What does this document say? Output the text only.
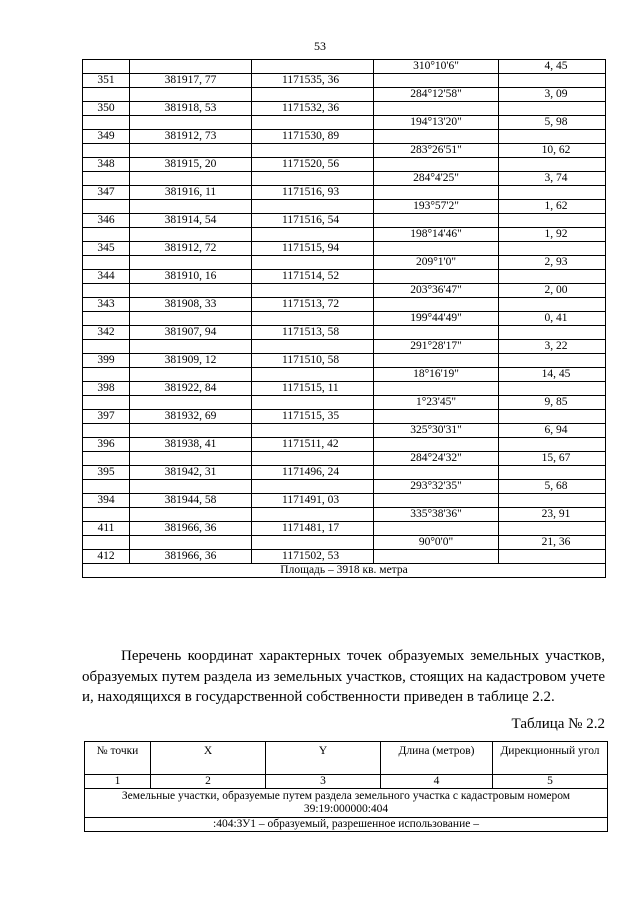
53
			310°10'6"	4, 45
351	381917, 77	1171535, 36		
			284°12'58"	3, 09
350	381918, 53	1171532, 36		
			194°13'20"	5, 98
349	381912, 73	1171530, 89		
			283°26'51"	10, 62
348	381915, 20	1171520, 56		
			284°4'25"	3, 74
347	381916, 11	1171516, 93		
			193°57'2"	1, 62
346	381914, 54	1171516, 54		
			198°14'46"	1, 92
345	381912, 72	1171515, 94		
			209°1'0"	2, 93
344	381910, 16	1171514, 52		
			203°36'47"	2, 00
343	381908, 33	1171513, 72		
			199°44'49"	0, 41
342	381907, 94	1171513, 58		
			291°28'17"	3, 22
399	381909, 12	1171510, 58		
			18°16'19"	14, 45
398	381922, 84	1171515, 11		
			1°23'45"	9, 85
397	381932, 69	1171515, 35		
			325°30'31"	6, 94
396	381938, 41	1171511, 42		
			284°24'32"	15, 67
395	381942, 31	1171496, 24		
			293°32'35"	5, 68
394	381944, 58	1171491, 03		
			335°38'36"	23, 91
411	381966, 36	1171481, 17		
			90°0'0"	21, 36
412	381966, 36	1171502, 53		
Площадь – 3918 кв. метра				

Перечень координат характерных точек образуемых земельных участков, образуемых путем раздела из земельных участков, стоящих на кадастровом учете и, находящихся в государственной собственности приведен в таблице 2.2.

Таблица № 2.2
№ точки	X	Y	Длина (метров)	Дирекционный угол
1	2	3	4	5
Земельные участки, образуемые путем раздела земельного участка с кадастровым номером 39:19:000000:404				
:404:ЗУ1 – образуемый, разрешенное использование –				
